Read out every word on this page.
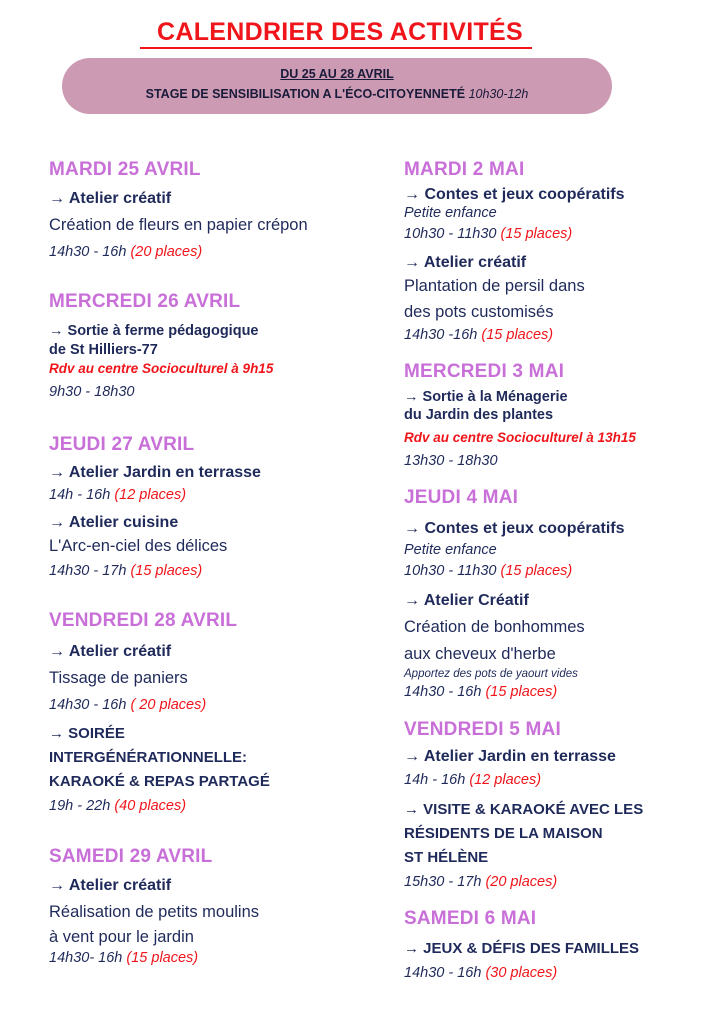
CALENDRIER DES ACTIVITÉS
DU 25 AU 28 AVRIL
STAGE DE SENSIBILISATION A L'ÉCO-CITOYENNETÉ 10h30-12h
MARDI 25 AVRIL
→ Atelier créatif
Création de fleurs en papier crépon
14h30 - 16h (20 places)
MERCREDI 26 AVRIL
→ Sortie à ferme pédagogique
de St Hilliers-77
Rdv au centre Socioculturel à 9h15
9h30 - 18h30
JEUDI 27 AVRIL
→ Atelier Jardin en terrasse
14h - 16h (12 places)
→ Atelier cuisine
L'Arc-en-ciel des délices
14h30 - 17h (15 places)
VENDREDI 28 AVRIL
→ Atelier créatif
Tissage de paniers
14h30 - 16h ( 20 places)
→ SOIRÉE
INTERGÉNÉRATIONNELLE:
KARAOKÉ & REPAS PARTAGÉ
19h - 22h (40 places)
SAMEDI 29 AVRIL
→ Atelier créatif
Réalisation de petits moulins
à vent pour le jardin
14h30- 16h (15 places)
MARDI 2 MAI
→ Contes et jeux coopératifs
Petite enfance
10h30 - 11h30 (15 places)
→ Atelier créatif
Plantation de persil dans
des pots customisés
14h30 -16h (15 places)
MERCREDI 3 MAI
→ Sortie à la Ménagerie
du Jardin des plantes
Rdv au centre Socioculturel à 13h15
13h30 - 18h30
JEUDI 4 MAI
→ Contes et jeux coopératifs
Petite enfance
10h30 - 11h30 (15 places)
→ Atelier Créatif
Création de bonhommes
aux cheveux d'herbe
Apportez des pots de yaourt vides
14h30 - 16h (15 places)
VENDREDI 5 MAI
→ Atelier Jardin en terrasse
14h - 16h (12 places)
→ VISITE & KARAOKÉ AVEC LES
RÉSIDENTS DE LA MAISON
ST HÉLÈNE
15h30 - 17h (20 places)
SAMEDI 6 MAI
→ JEUX & DÉFIS DES FAMILLES
14h30 - 16h (30 places)
